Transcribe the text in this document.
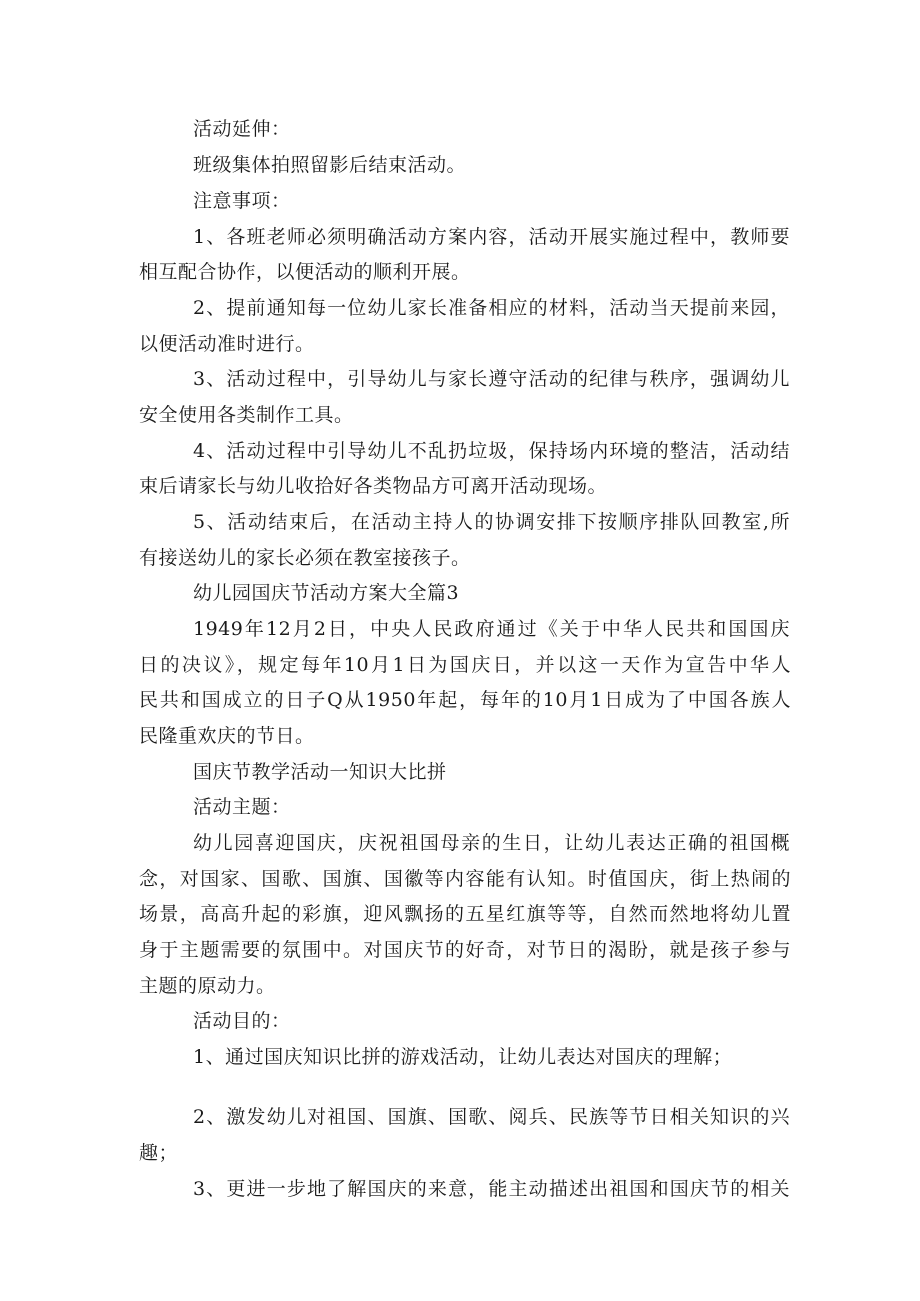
活动延伸：
班级集体拍照留影后结束活动。
注意事项：
1、各班老师必须明确活动方案内容，活动开展实施过程中，教师要
相互配合协作，以便活动的顺利开展。
2、提前通知每一位幼儿家长准备相应的材料，活动当天提前来园，
以便活动准时进行。
3、活动过程中，引导幼儿与家长遵守活动的纪律与秩序，强调幼儿
安全使用各类制作工具。
4、活动过程中引导幼儿不乱扔垃圾，保持场内环境的整洁，活动结
束后请家长与幼儿收拾好各类物品方可离开活动现场。
5、活动结束后，在活动主持人的协调安排下按顺序排队回教室,所
有接送幼儿的家长必须在教室接孩子。
幼儿园国庆节活动方案大全篇3
1949年12月2日，中央人民政府通过《关于中华人民共和国国庆
日的决议》，规定每年10月1日为国庆日，并以这一天作为宣告中华人
民共和国成立的日子Q从1950年起，每年的10月1日成为了中国各族人
民隆重欢庆的节日。
国庆节教学活动一知识大比拼
活动主题：
幼儿园喜迎国庆，庆祝祖国母亲的生日，让幼儿表达正确的祖国概
念，对国家、国歌、国旗、国徽等内容能有认知。时值国庆，街上热闹的
场景，高高升起的彩旗，迎风飘扬的五星红旗等等，自然而然地将幼儿置
身于主题需要的氛围中。对国庆节的好奇，对节日的渴盼，就是孩子参与
主题的原动力。
活动目的：
1、通过国庆知识比拼的游戏活动，让幼儿表达对国庆的理解；
2、激发幼儿对祖国、国旗、国歌、阅兵、民族等节日相关知识的兴
趣；
3、更进一步地了解国庆的来意，能主动描述出祖国和国庆节的相关
